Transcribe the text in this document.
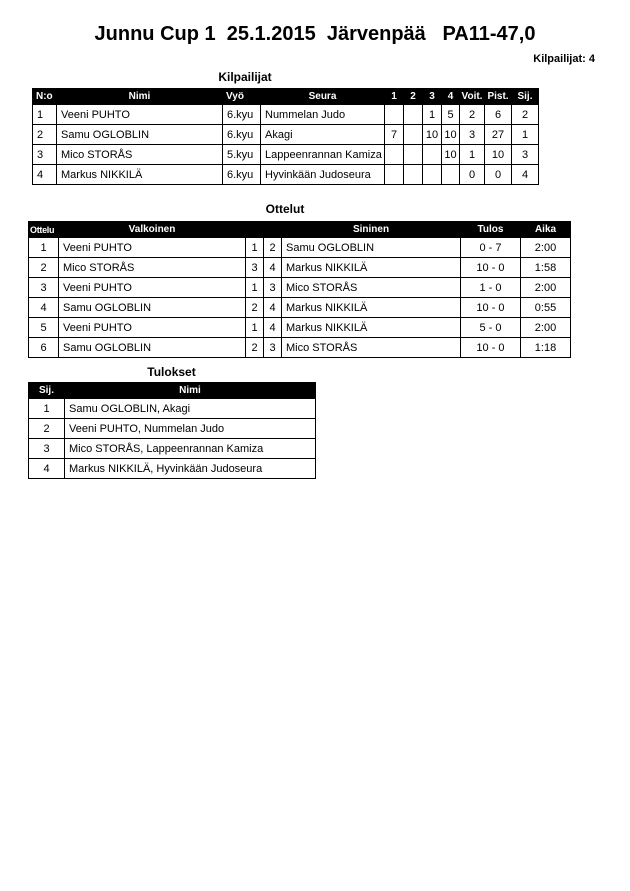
Junnu Cup 1  25.1.2015  Järvenpää   PA11-47,0
Kilpailijat: 4
Kilpailijat
N:o	Nimi	Vyö	Seura	1	2	3	4	Voit.	Pist.	Sij.
1	Veeni PUHTO	6.kyu	Nummelan Judo			1	5	2	6	2
2	Samu OGLOBLIN	6.kyu	Akagi	7		10	10	3	27	1
3	Mico STORÅS	5.kyu	Lappeenrannan Kamiza				10	1	10	3
4	Markus NIKKILÄ	6.kyu	Hyvinkään Judoseura					0	0	4
Ottelut
Ottelu	Valkoinen			Sininen	Tulos	Aika
1	Veeni PUHTO	1	2	Samu OGLOBLIN	0 - 7	2:00
2	Mico STORÅS	3	4	Markus NIKKILÄ	10 - 0	1:58
3	Veeni PUHTO	1	3	Mico STORÅS	1 - 0	2:00
4	Samu OGLOBLIN	2	4	Markus NIKKILÄ	10 - 0	0:55
5	Veeni PUHTO	1	4	Markus NIKKILÄ	5 - 0	2:00
6	Samu OGLOBLIN	2	3	Mico STORÅS	10 - 0	1:18
Tulokset
Sij.	Nimi
1	Samu OGLOBLIN, Akagi
2	Veeni PUHTO, Nummelan Judo
3	Mico STORÅS, Lappeenrannan Kamiza
4	Markus NIKKILÄ, Hyvinkään Judoseura
